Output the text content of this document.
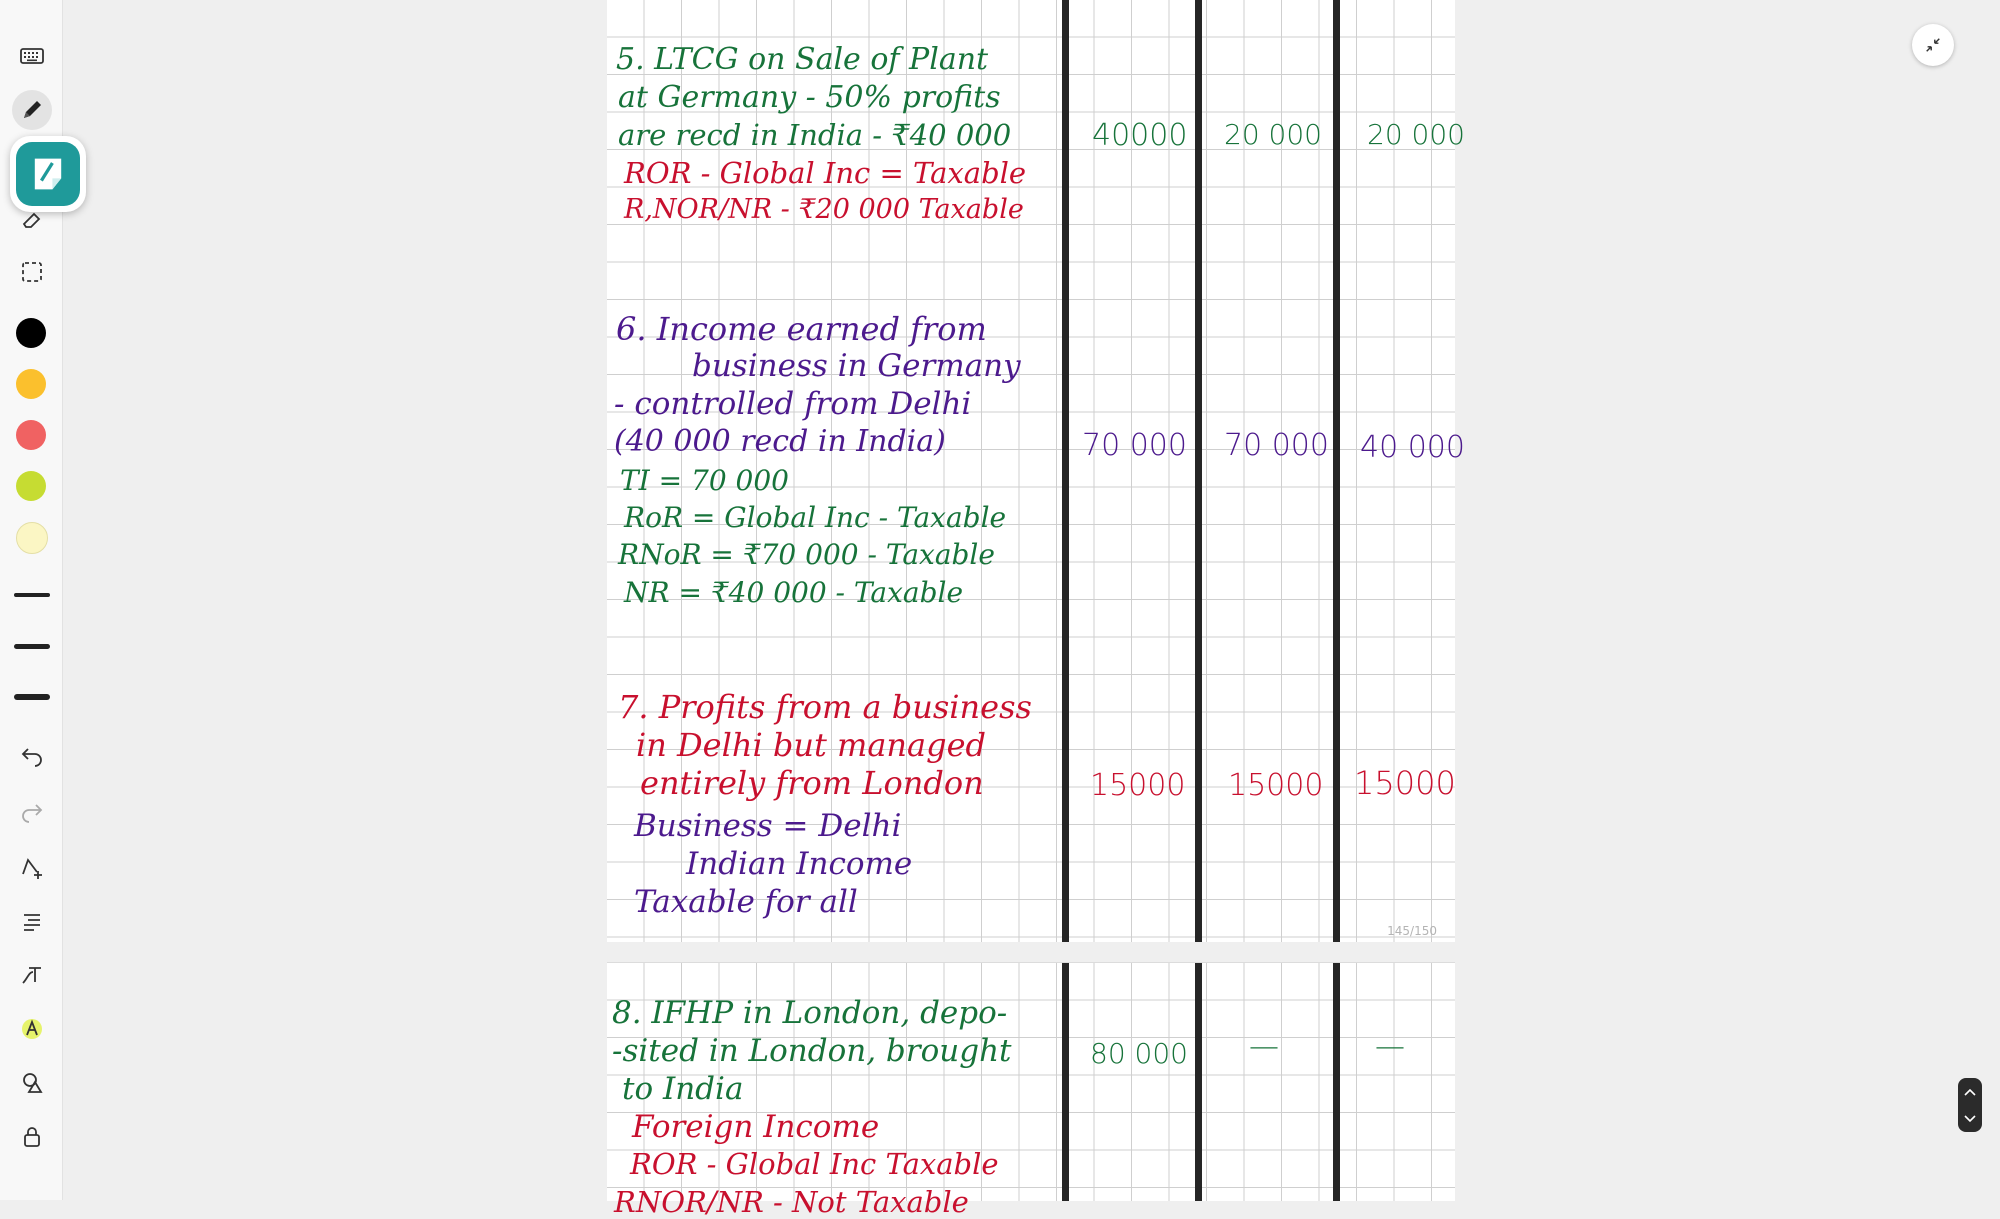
5. LTCG on Sale of Plant
at Germany - 50% profits
are recd in India - ₹40 000
ROR - Global Inc = Taxable
R,NOR/NR - ₹20 000 Taxable
40000 20 000 20 000
6. Income earned from
business in Germany
- controlled from Delhi
(40 000 recd in India)
TI = 70 000
RoR = Global Inc - Taxable
RNoR = ₹70 000 - Taxable
NR = ₹40 000 - Taxable
70 000 70 000 40 000
7. Profits from a business
in Delhi but managed
entirely from London
Business = Delhi
Indian Income
Taxable for all
15000 15000 15000
145/150
8. IFHP in London, depo-
-sited in London, brought
to India
Foreign Income
ROR - Global Inc Taxable
RNOR/NR - Not Taxable
80 000 —	—
